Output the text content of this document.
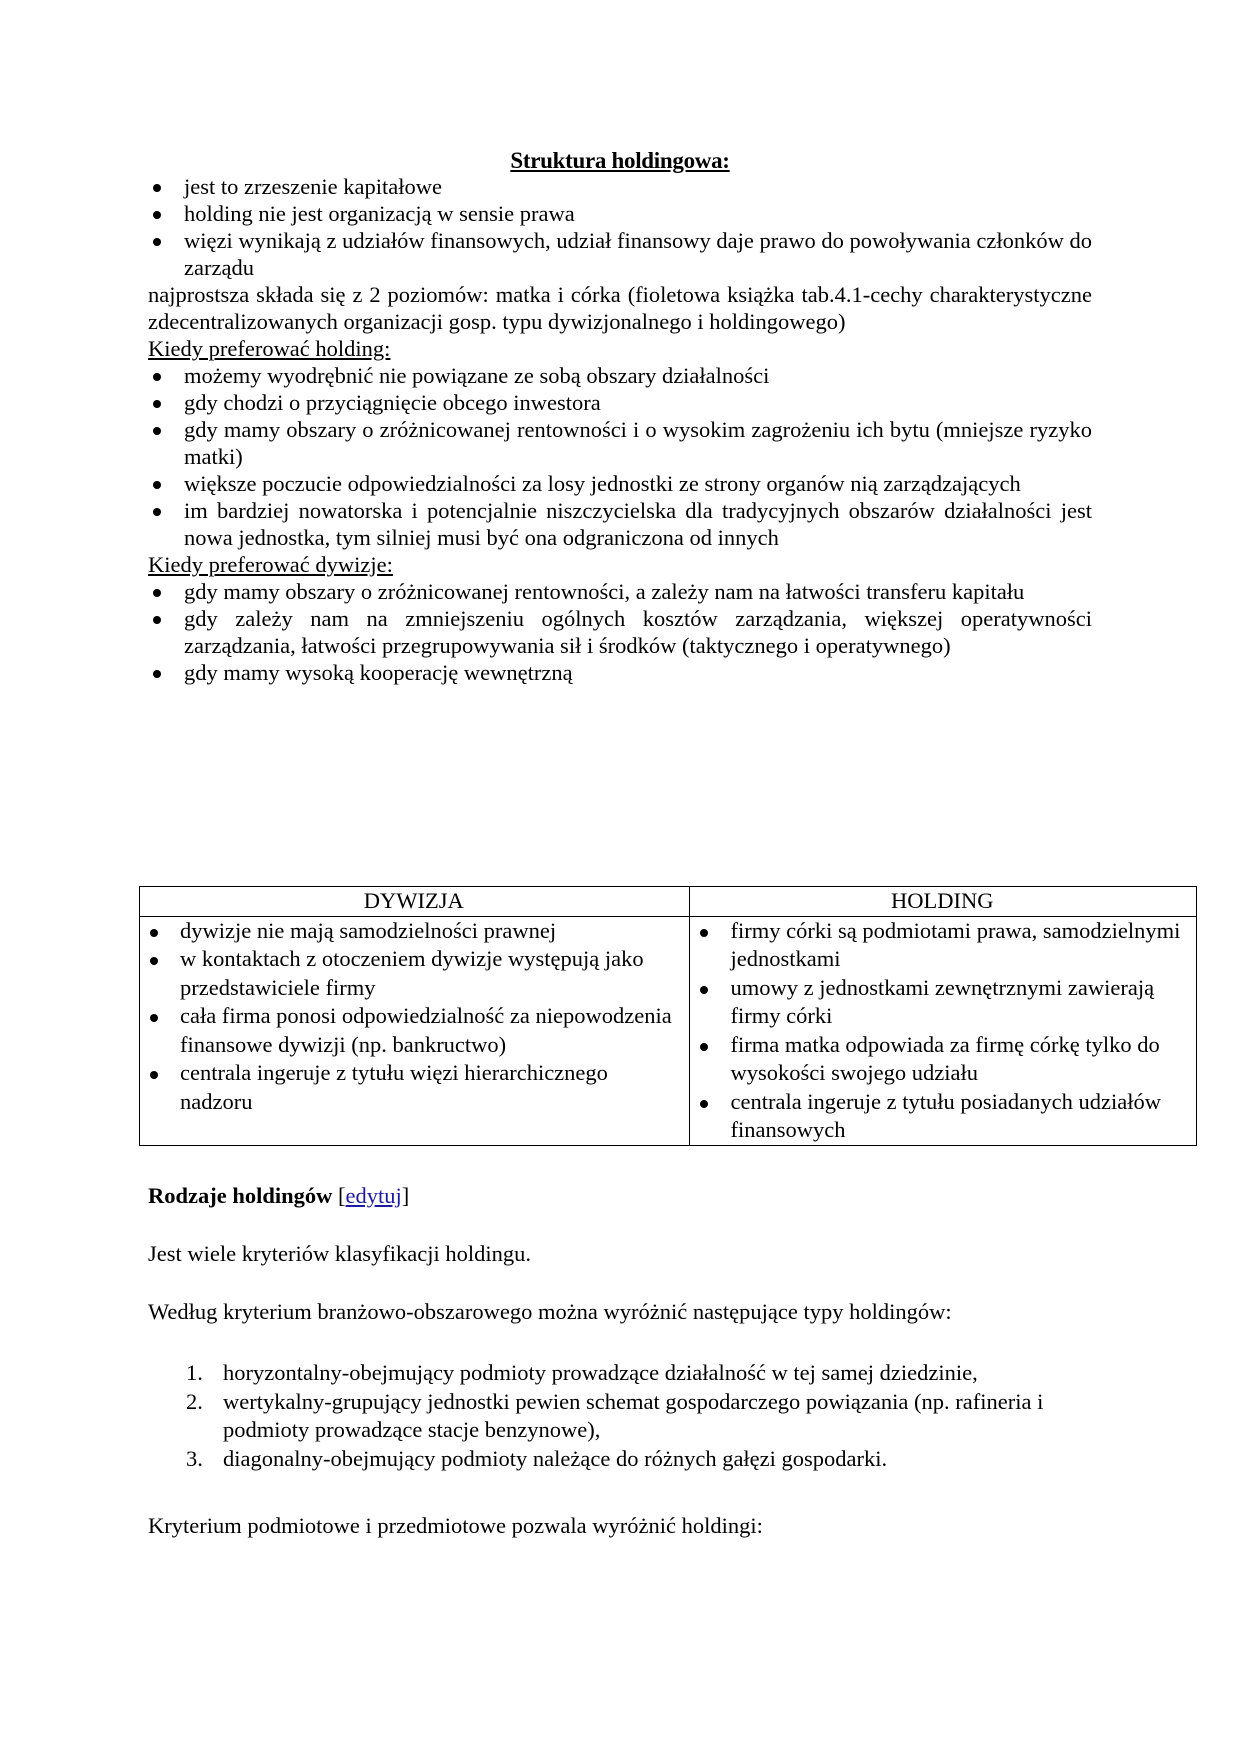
Struktura holdingowa:
jest to zrzeszenie kapitałowe
holding nie jest organizacją w sensie prawa
więzi wynikają z udziałów finansowych, udział finansowy daje prawo do powoływania członków do zarządu
najprostsza składa się z 2 poziomów: matka i córka (fioletowa książka tab.4.1-cechy charakterystyczne zdecentralizowanych organizacji gosp. typu dywizjonalnego i holdingowego)
Kiedy preferować holding:
możemy wyodrębnić nie powiązane ze sobą obszary działalności
gdy chodzi o przyciągnięcie obcego inwestora
gdy mamy obszary o zróżnicowanej rentowności i o wysokim zagrożeniu ich bytu (mniejsze ryzyko matki)
większe poczucie odpowiedzialności za losy jednostki ze strony organów nią zarządzających
im bardziej nowatorska i potencjalnie niszczycielska dla tradycyjnych obszarów działalności jest nowa jednostka, tym silniej musi być ona odgraniczona od innych
Kiedy preferować dywizje:
gdy mamy obszary o zróżnicowanej rentowności, a zależy nam na łatwości transferu kapitału
gdy zależy nam na zmniejszeniu ogólnych kosztów zarządzania, większej operatywności zarządzania, łatwości przegrupowywania sił i środków (taktycznego i operatywnego)
gdy mamy wysoką kooperację wewnętrzną
DYWIZJA	HOLDING

dywizje nie mają samodzielności prawnej
w kontaktach z otoczeniem dywizje występują jako przedstawiciele firmy
cała firma ponosi odpowiedzialność za niepowodzenia finansowe dywizji (np. bankructwo)
centrala ingeruje z tytułu więzi hierarchicznego nadzoru

firmy córki są podmiotami prawa, samodzielnymi jednostkami
umowy z jednostkami zewnętrznymi zawierają firmy córki
firma matka odpowiada za firmę córkę tylko do wysokości swojego udziału
centrala ingeruje z tytułu posiadanych udziałów finansowych
Rodzaje holdingów [edytuj]
Jest wiele kryteriów klasyfikacji holdingu.
Według kryterium branżowo-obszarowego można wyróżnić następujące typy holdingów:
1. horyzontalny-obejmujący podmioty prowadzące działalność w tej samej dziedzinie,
2. wertykalny-grupujący jednostki pewien schemat gospodarczego powiązania (np. rafineria i podmioty prowadzące stacje benzynowe),
3. diagonalny-obejmujący podmioty należące do różnych gałęzi gospodarki.
Kryterium podmiotowe i przedmiotowe pozwala wyróżnić holdingi:
